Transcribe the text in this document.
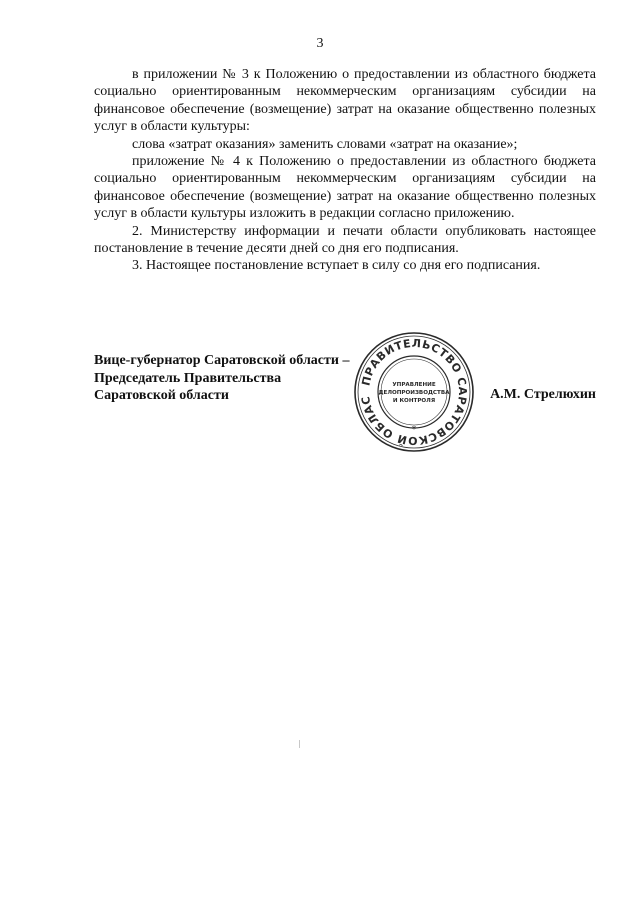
3

в приложении № 3 к Положению о предоставлении из областного бюджета социально ориентированным некоммерческим организациям субсидии на финансовое обеспечение (возмещение) затрат на оказание общественно полезных услуг в области культуры:

слова «затрат оказания» заменить словами «затрат на оказание»;

приложение № 4 к Положению о предоставлении из областного бюджета социально ориентированным некоммерческим организациям субсидии на финансовое обеспечение (возмещение) затрат на оказание общественно полезных услуг в области культуры изложить в редакции согласно приложению.

2. Министерству информации и печати области опубликовать настоящее постановление в течение десяти дней со дня его подписания.

3. Настоящее постановление вступает в силу со дня его подписания.

Вице-губернатор Саратовской области –
Председатель Правительства
Саратовской области	А.М. Стрелюхин
ПРАВИТЕЛЬСТВО САРАТОВСКОЙ ОБЛАС
*
УПРАВЛЕНИЕ
ДЕЛОПРОИЗВОДСТВА
И КОНТРОЛЯ
